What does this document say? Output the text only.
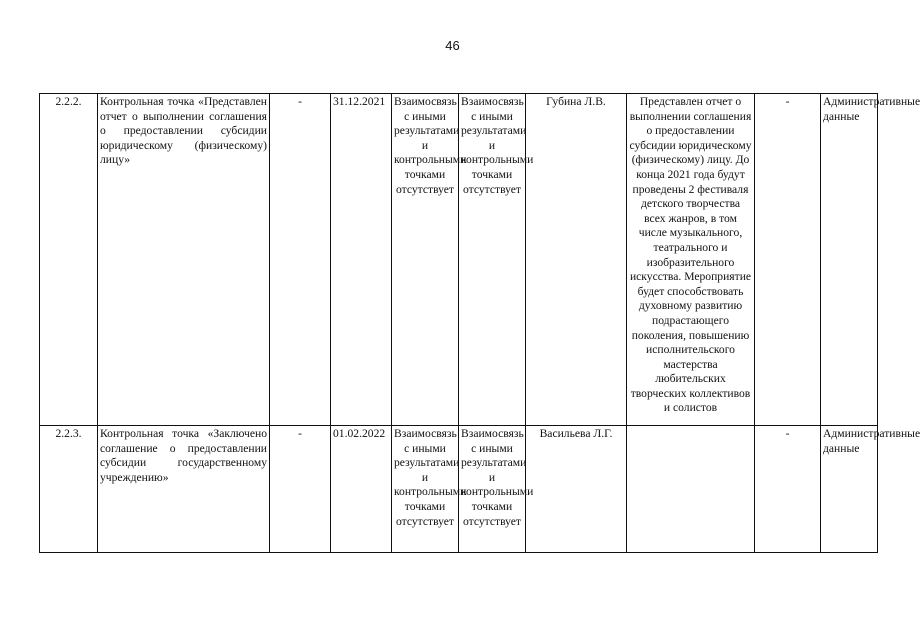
46
2.2.2.	Контрольная точка «Представлен отчет о выполнении соглашения о предоставлении субсидии юридическому (физическому) лицу»	-	31.12.2021	Взаимосвязь с иными результатами и контрольными точками отсутствует	Взаимосвязь с иными результатами и контрольными точками отсутствует	Губина Л.В.	Представлен отчет о выполнении соглашения о предоставлении субсидии юридическому (физическому) лицу. До конца 2021 года будут проведены 2 фестиваля детского творчества всех жанров, в том числе музыкального, театрального и изобразительного искусства. Мероприятие будет способствовать духовному развитию подрастающего поколения, повышению исполнительского мастерства любительских творческих коллективов и солистов	-	Административные данные
2.2.3.	Контрольная точка «Заключено соглашение о предоставлении субсидии государственному учреждению»	-	01.02.2022	Взаимосвязь с иными результатами и контрольными точками отсутствует	Взаимосвязь с иными результатами и контрольными точками отсутствует	Васильева Л.Г.		-	Административные данные
